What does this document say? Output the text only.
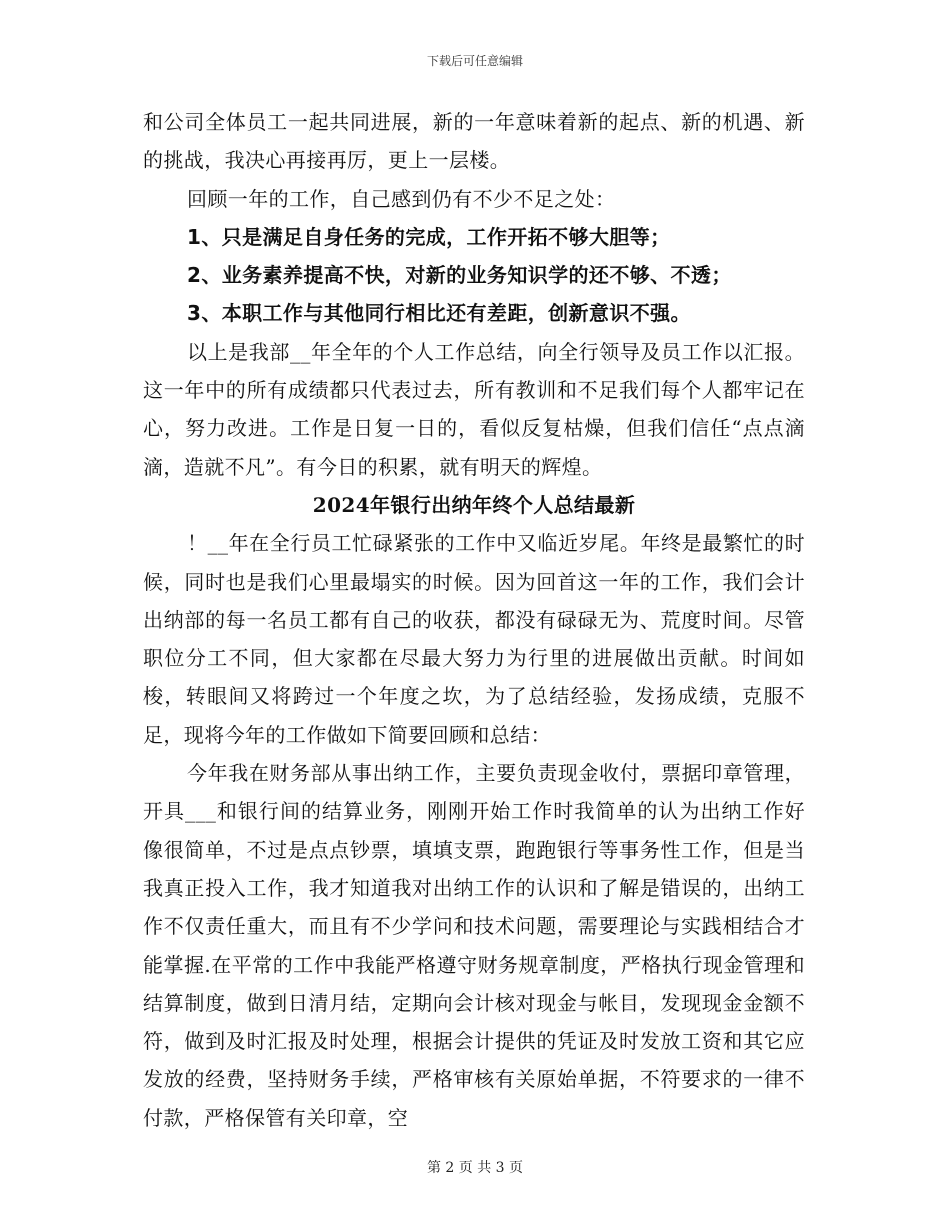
下载后可任意编辑

和公司全体员工一起共同进展，新的一年意味着新的起点、新的机遇、新的挑战，我决心再接再厉，更上一层楼。

回顾一年的工作，自己感到仍有不少不足之处：

1、只是满足自身任务的完成，工作开拓不够大胆等；

2、业务素养提高不快，对新的业务知识学的还不够、不透；

3、本职工作与其他同行相比还有差距，创新意识不强。

以上是我部__年全年的个人工作总结，向全行领导及员工作以汇报。这一年中的所有成绩都只代表过去，所有教训和不足我们每个人都牢记在心，努力改进。工作是日复一日的，看似反复枯燥，但我们信任“点点滴滴，造就不凡”。有今日的积累，就有明天的辉煌。

2024年银行出纳年终个人总结最新

！__年在全行员工忙碌紧张的工作中又临近岁尾。年终是最繁忙的时候，同时也是我们心里最塌实的时候。因为回首这一年的工作，我们会计出纳部的每一名员工都有自己的收获，都没有碌碌无为、荒度时间。尽管职位分工不同，但大家都在尽最大努力为行里的进展做出贡献。时间如梭，转眼间又将跨过一个年度之坎，为了总结经验，发扬成绩，克服不足，现将今年的工作做如下简要回顾和总结：

今年我在财务部从事出纳工作，主要负责现金收付，票据印章管理，开具___和银行间的结算业务，刚刚开始工作时我简单的认为出纳工作好像很简单，不过是点点钞票，填填支票，跑跑银行等事务性工作，但是当我真正投入工作，我才知道我对出纳工作的认识和了解是错误的，出纳工作不仅责任重大，而且有不少学问和技术问题，需要理论与实践相结合才能掌握.在平常的工作中我能严格遵守财务规章制度，严格执行现金管理和结算制度，做到日清月结，定期向会计核对现金与帐目，发现现金金额不符，做到及时汇报及时处理，根据会计提供的凭证及时发放工资和其它应发放的经费，坚持财务手续，严格审核有关原始单据，不符要求的一律不付款，严格保管有关印章，空

第 2 页 共 3 页
